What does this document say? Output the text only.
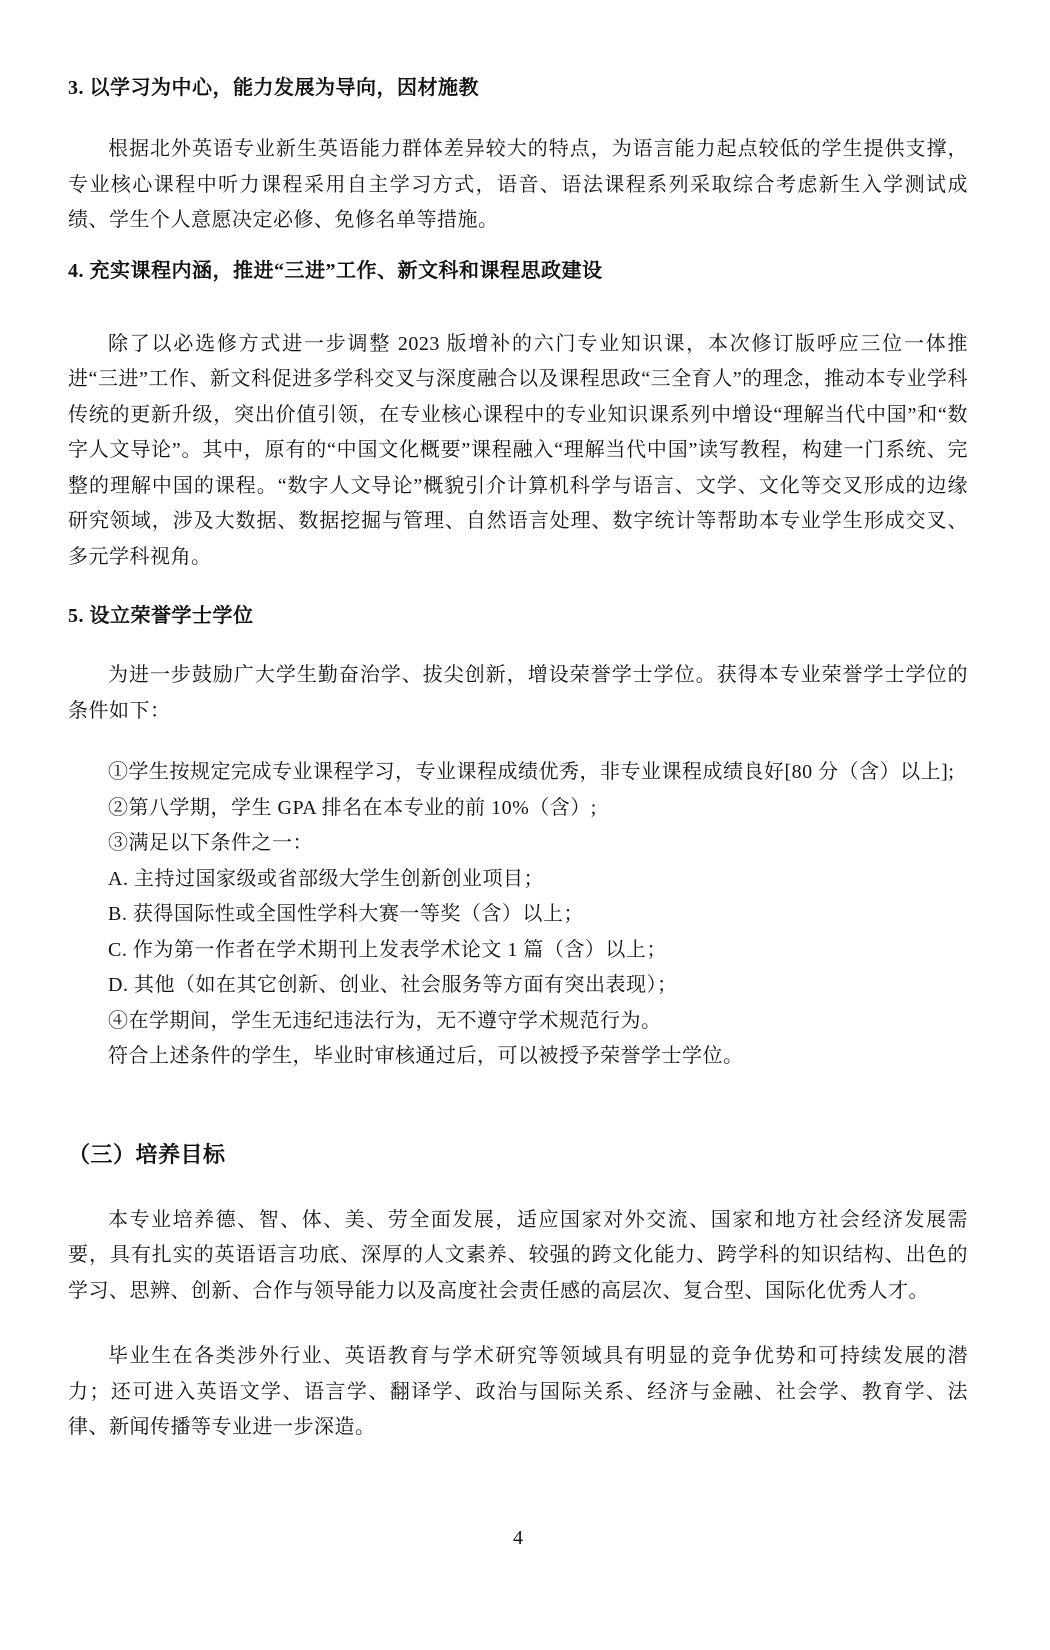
3. 以学习为中心，能力发展为导向，因材施教

根据北外英语专业新生英语能力群体差异较大的特点，为语言能力起点较低的学生提供支撑，专业核心课程中听力课程采用自主学习方式，语音、语法课程系列采取综合考虑新生入学测试成绩、学生个人意愿决定必修、免修名单等措施。

4. 充实课程内涵，推进“三进”工作、新文科和课程思政建设

除了以必选修方式进一步调整 2023 版增补的六门专业知识课，本次修订版呼应三位一体推进“三进”工作、新文科促进多学科交叉与深度融合以及课程思政“三全育人”的理念，推动本专业学科传统的更新升级，突出价值引领，在专业核心课程中的专业知识课系列中增设“理解当代中国”和“数字人文导论”。其中，原有的“中国文化概要”课程融入“理解当代中国”读写教程，构建一门系统、完整的理解中国的课程。“数字人文导论”概貌引介计算机科学与语言、文学、文化等交叉形成的边缘研究领域，涉及大数据、数据挖掘与管理、自然语言处理、数字统计等帮助本专业学生形成交叉、多元学科视角。

5. 设立荣誉学士学位

为进一步鼓励广大学生勤奋治学、拔尖创新，增设荣誉学士学位。获得本专业荣誉学士学位的条件如下：

①学生按规定完成专业课程学习，专业课程成绩优秀，非专业课程成绩良好[80 分（含）以上];

②第八学期，学生 GPA 排名在本专业的前 10%（含）;

③满足以下条件之一：

A. 主持过国家级或省部级大学生创新创业项目；

B. 获得国际性或全国性学科大赛一等奖（含）以上；

C. 作为第一作者在学术期刊上发表学术论文 1 篇（含）以上；

D. 其他（如在其它创新、创业、社会服务等方面有突出表现）；

④在学期间，学生无违纪违法行为，无不遵守学术规范行为。

符合上述条件的学生，毕业时审核通过后，可以被授予荣誉学士学位。

（三）培养目标

本专业培养德、智、体、美、劳全面发展，适应国家对外交流、国家和地方社会经济发展需要，具有扎实的英语语言功底、深厚的人文素养、较强的跨文化能力、跨学科的知识结构、出色的学习、思辨、创新、合作与领导能力以及高度社会责任感的高层次、复合型、国际化优秀人才。

毕业生在各类涉外行业、英语教育与学术研究等领域具有明显的竞争优势和可持续发展的潜力；还可进入英语文学、语言学、翻译学、政治与国际关系、经济与金融、社会学、教育学、法律、新闻传播等专业进一步深造。

4
